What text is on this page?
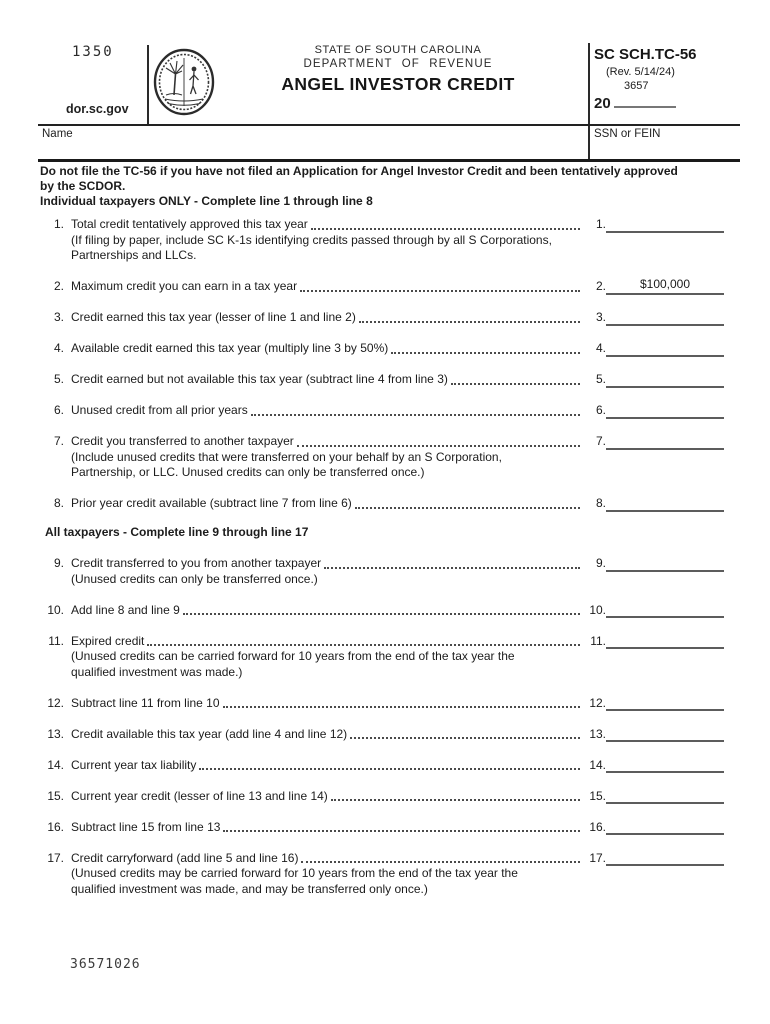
1350
dor.sc.gov
STATE OF SOUTH CAROLINA
DEPARTMENT OF REVENUE
ANGEL INVESTOR CREDIT
SC SCH.TC-56
(Rev. 5/14/24)
3657
20
Name	SSN or FEIN
Do not file the TC-56 if you have not filed an Application for Angel Investor Credit and been tentatively approved
by the SCDOR.
Individual taxpayers ONLY - Complete line 1 through line 8
1. Total credit tentatively approved this tax year	1.
(If filing by paper, include SC K-1s identifying credits passed through by all S Corporations,
Partnerships and LLCs.
2. Maximum credit you can earn in a tax year	2.	$100,000
3. Credit earned this tax year (lesser of line 1 and line 2)	3.
4. Available credit earned this tax year (multiply line 3 by 50%)	4.
5. Credit earned but not available this tax year (subtract line 4 from line 3)	5.
6. Unused credit from all prior years	6.
7. Credit you transferred to another taxpayer	7.
(Include unused credits that were transferred on your behalf by an S Corporation,
Partnership, or LLC. Unused credits can only be transferred once.)
8. Prior year credit available (subtract line 7 from line 6)	8.
All taxpayers - Complete line 9 through line 17
9. Credit transferred to you from another taxpayer	9.
(Unused credits can only be transferred once.)
10. Add line 8 and line 9	10.
11. Expired credit	11.
(Unused credits can be carried forward for 10 years from the end of the tax year the
qualified investment was made.)
12. Subtract line 11 from line 10	12.
13. Credit available this tax year (add line 4 and line 12)	13.
14. Current year tax liability	14.
15. Current year credit (lesser of line 13 and line 14)	15.
16. Subtract line 15 from line 13	16.
17. Credit carryforward (add line 5 and line 16)	17.
(Unused credits may be carried forward for 10 years from the end of the tax year the
qualified investment was made, and may be transferred only once.)
36571026
